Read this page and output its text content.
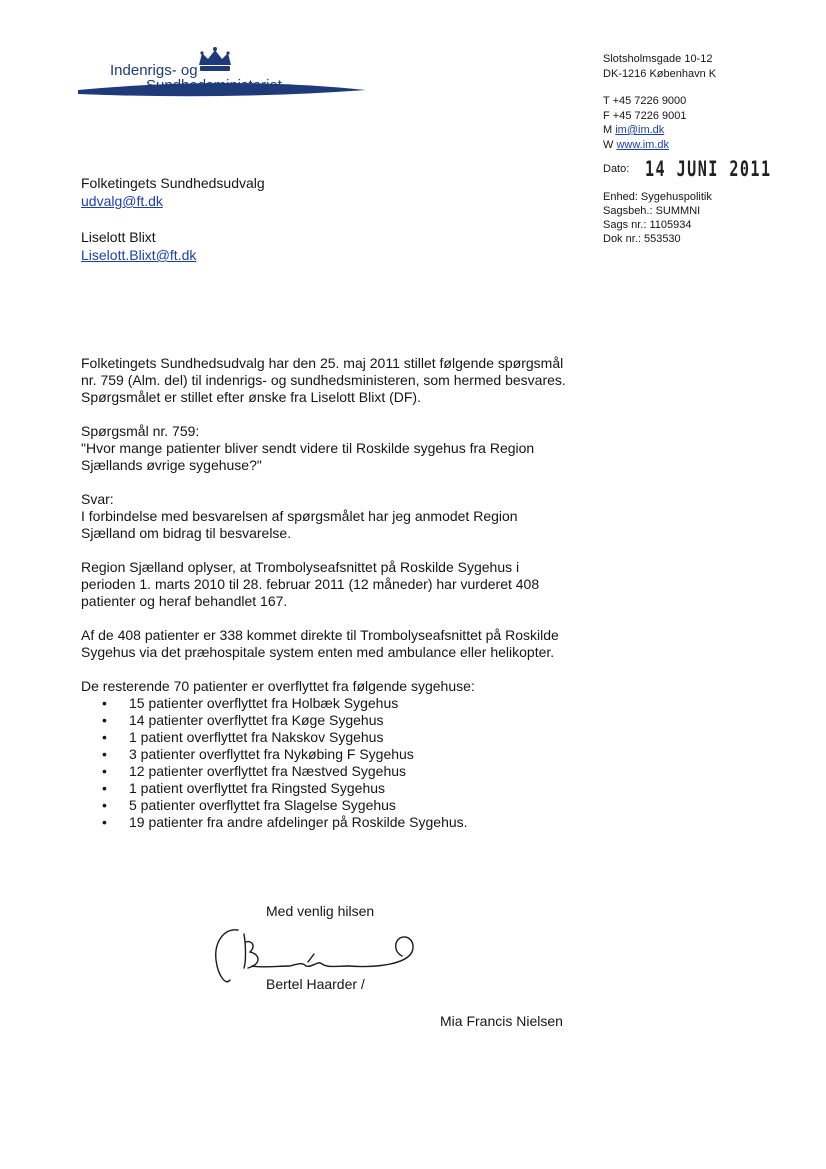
Indenrigs- og
Sundhedsministeriet
Slotsholmsgade 10-12
DK-1216 København K
T +45 7226 9000
F +45 7226 9001
M im@im.dk
W www.im.dk
Dato: 14 JUNI 2011
Enhed: Sygehuspolitik
Sagsbeh.: SUMMNI
Sags nr.: 1105934
Dok nr.: 553530
Folketingets Sundhedsudvalg
udvalg@ft.dk
Liselott Blixt
Liselott.Blixt@ft.dk

Folketingets Sundhedsudvalg har den 25. maj 2011 stillet følgende spørgsmål
nr. 759 (Alm. del) til indenrigs- og sundhedsministeren, som hermed besvares.
Spørgsmålet er stillet efter ønske fra Liselott Blixt (DF).

Spørgsmål nr. 759:
"Hvor mange patienter bliver sendt videre til Roskilde sygehus fra Region
Sjællands øvrige sygehuse?"

Svar:
I forbindelse med besvarelsen af spørgsmålet har jeg anmodet Region
Sjælland om bidrag til besvarelse.

Region Sjælland oplyser, at Trombolyseafsnittet på Roskilde Sygehus i
perioden 1. marts 2010 til 28. februar 2011 (12 måneder) har vurderet 408
patienter og heraf behandlet 167.

Af de 408 patienter er 338 kommet direkte til Trombolyseafsnittet på Roskilde
Sygehus via det præhospitale system enten med ambulance eller helikopter.

De resterende 70 patienter er overflyttet fra følgende sygehuse:

• 15 patienter overflyttet fra Holbæk Sygehus
• 14 patienter overflyttet fra Køge Sygehus
• 1 patient overflyttet fra Nakskov Sygehus
• 3 patienter overflyttet fra Nykøbing F Sygehus
• 12 patienter overflyttet fra Næstved Sygehus
• 1 patient overflyttet fra Ringsted Sygehus
• 5 patienter overflyttet fra Slagelse Sygehus
• 19 patienter fra andre afdelinger på Roskilde Sygehus.
Med venlig hilsen
Bertel Haarder /
Mia Francis Nielsen
